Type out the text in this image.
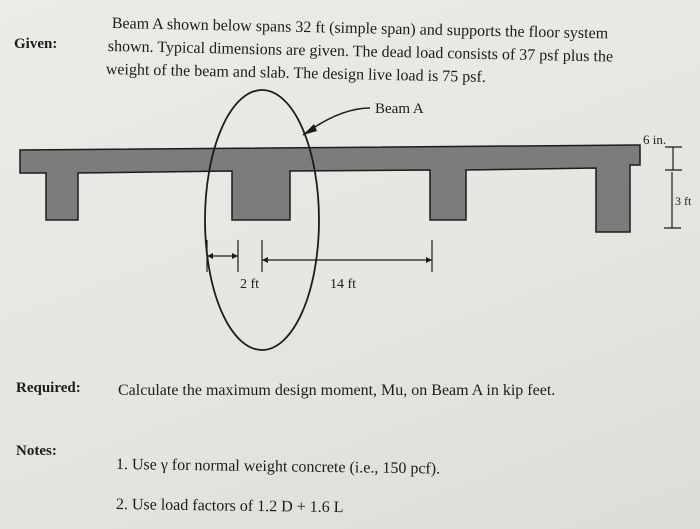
Given:
Beam A shown below spans 32 ft (simple span) and supports the floor system
shown. Typical dimensions are given. The dead load consists of 37 psf plus the
weight of the beam and slab. The design live load is 75 psf.
Beam A
6 in.
3 ft
2 ft	14 ft
Required: Calculate the maximum design moment, Mu, on Beam A in kip feet.
Notes:
1. Use γ for normal weight concrete (i.e., 150 pcf).
2. Use load factors of 1.2 D + 1.6 L
